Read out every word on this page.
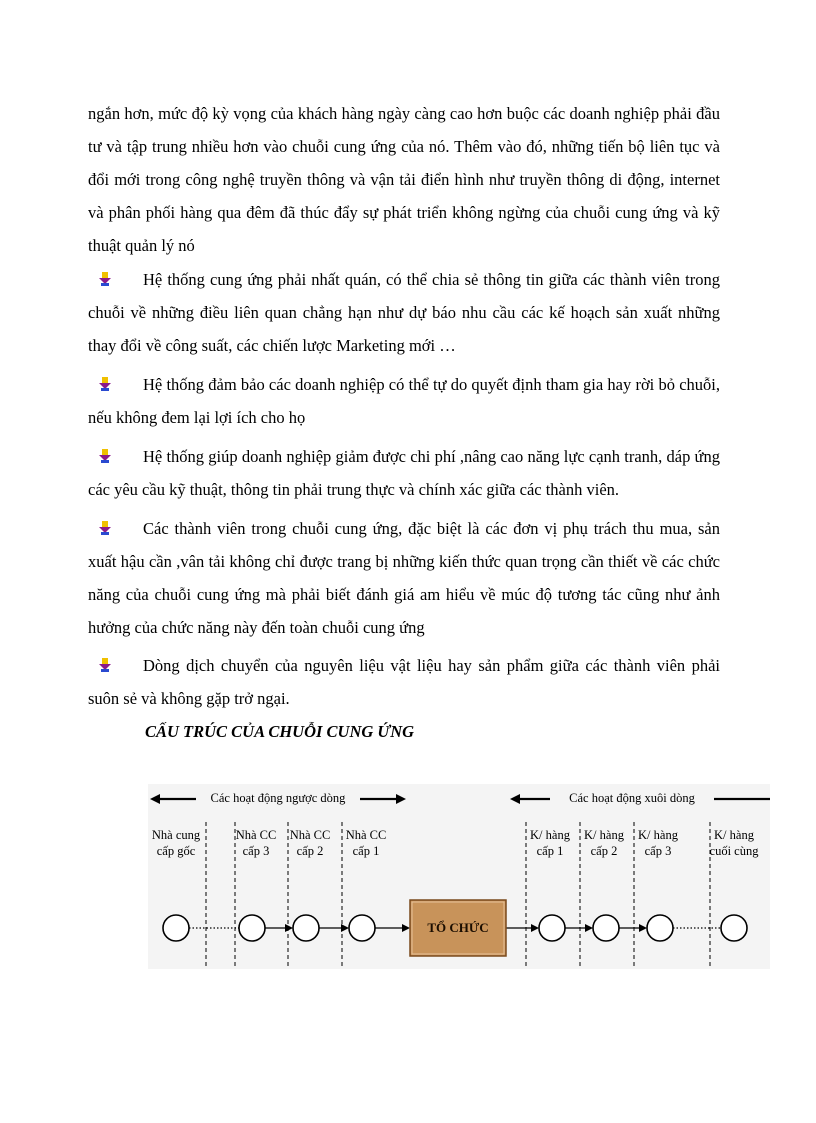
ngắn hơn, mức độ kỳ vọng của khách hàng ngày càng cao hơn buộc các doanh nghiệp phải đầu tư và tập trung nhiều hơn vào chuỗi cung ứng của nó. Thêm vào đó, những tiến bộ liên tục và đổi mới trong công nghệ truyền thông và vận tải điển hình như truyền thông di động, internet và phân phối hàng qua đêm đã thúc đẩy sự phát triển không ngừng của chuỗi cung ứng và kỹ thuật quản lý nó

Hệ thống cung ứng phải nhất quán, có thể chia sẻ thông tin giữa các thành viên trong chuỗi về những điều liên quan chẳng hạn như dự báo nhu cầu các kế hoạch sản xuất những thay đổi về công suất, các chiến lược Marketing mới …

Hệ thống đảm bảo các doanh nghiệp có thể tự do quyết định tham gia hay rời bỏ chuỗi, nếu không đem lại lợi ích cho họ

Hệ thống giúp doanh nghiệp giảm được chi phí ,nâng cao năng lực cạnh tranh, dáp ứng các yêu cầu kỹ thuật, thông tin phải trung thực và chính xác giữa các thành viên.

Các thành viên trong chuỗi cung ứng, đặc biệt là các đơn vị phụ trách thu mua, sản xuất hậu cần ,vân tải không chỉ được trang bị những kiến thức quan trọng cần thiết về các chức năng của chuỗi cung ứng mà phải biết đánh giá am hiểu về múc độ tương tác cũng như ảnh hưởng của chức năng này đến toàn chuỗi cung ứng

Dòng dịch chuyển của nguyên liệu vật liệu hay sản phẩm giữa các thành viên phải suôn sẻ và không gặp trở ngại.

CẤU TRÚC CỦA CHUỖI CUNG ỨNG

Các hoạt động ngược dòng	Các hoạt động xuôi dòng
Nhà cung
cấp gốc
Nhà CC
cấp 3
Nhà CC
cấp 2
Nhà CC
cấp 1
K/ hàng
cấp 1
K/ hàng
cấp 2
K/ hàng
cấp 3
K/ hàng
cuối cùng
TỔ CHỨC
